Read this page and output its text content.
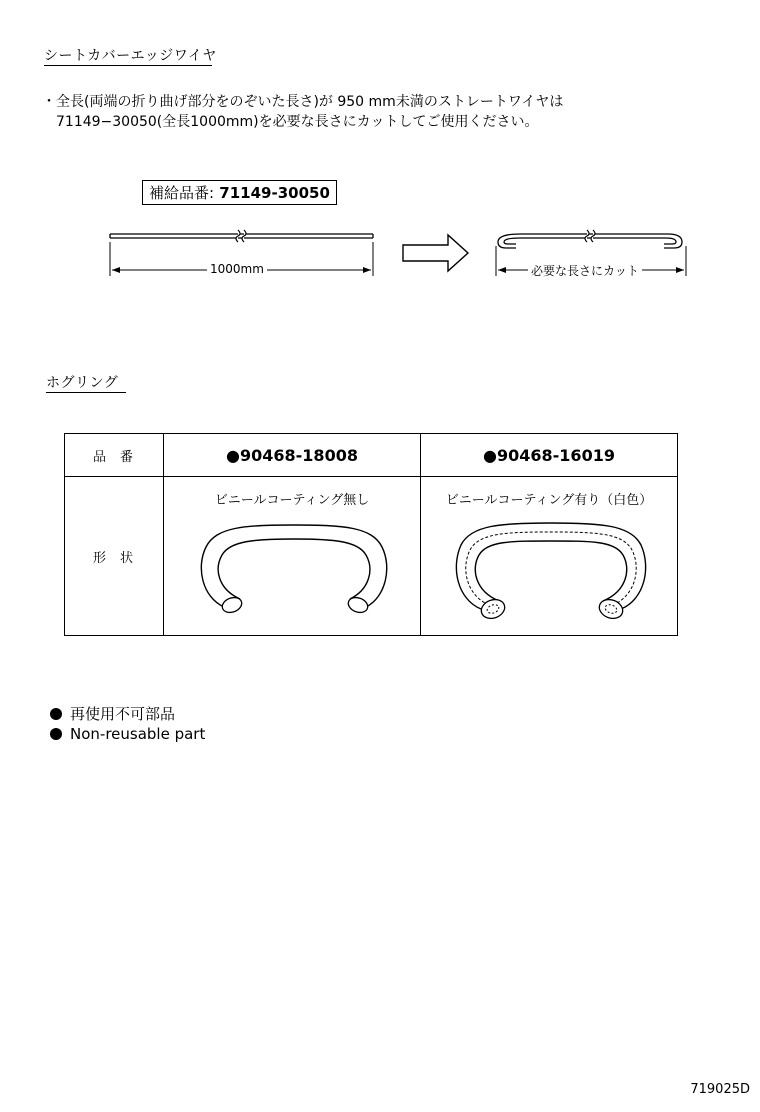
シートカバーエッジワイヤ
・全長(両端の折り曲げ部分をのぞいた長さ)が 950 mm未満のストレートワイヤは
71149−30050(全長1000mm)を必要な長さにカットしてご使用ください。
補給品番: 71149-30050
1000mm	必要な長さにカット
ホグリング
品番	●90468-18008	●90468-16019
形状	ビニールコーティング無し	ビニールコーティング有り（白色）
再使用不可部品
Non-reusable part
719025D
